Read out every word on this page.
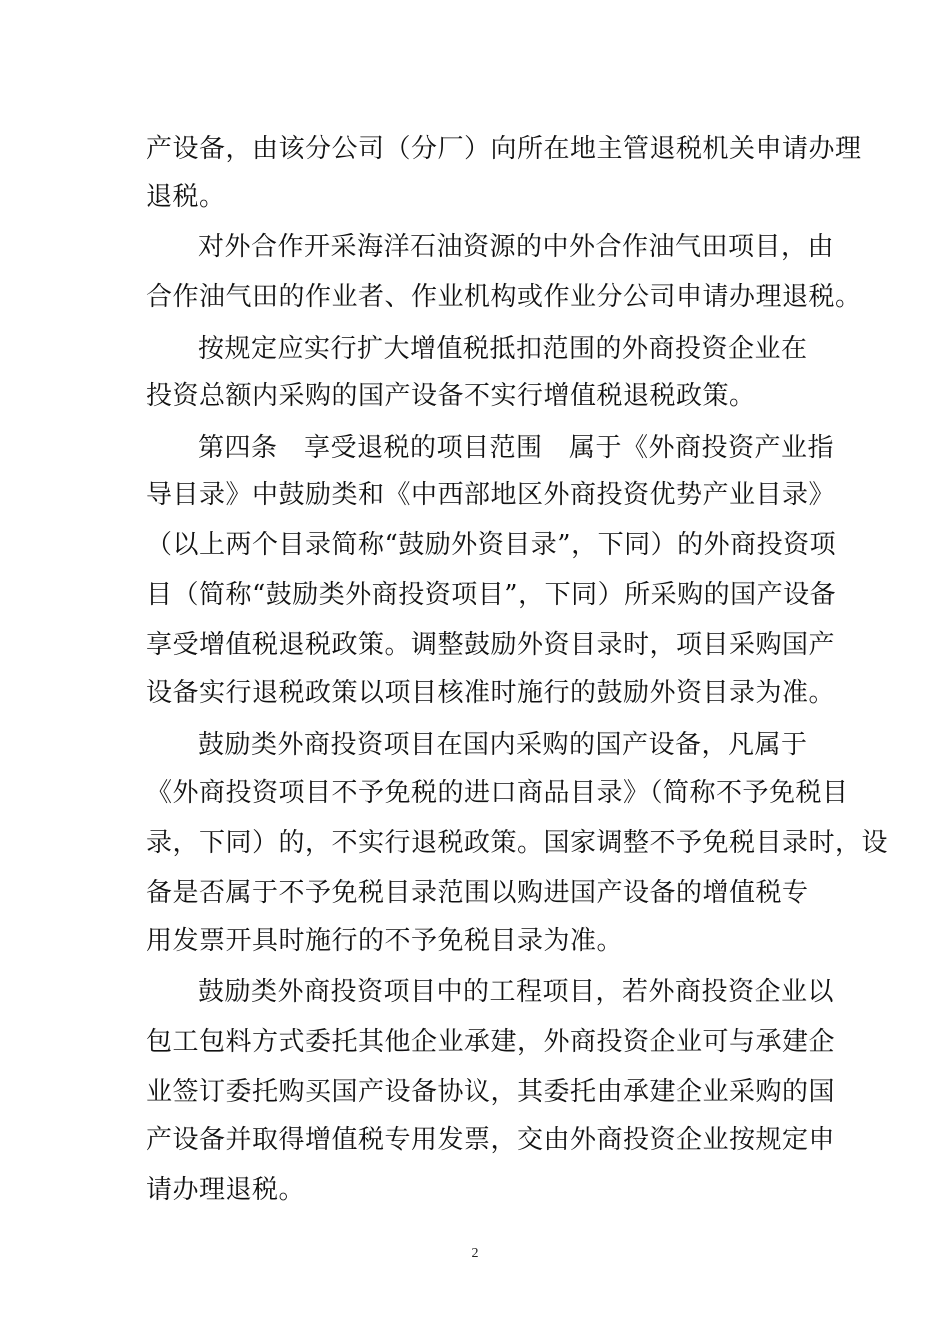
产设备，由该分公司（分厂）向所在地主管退税机关申请办理
退税。
对外合作开采海洋石油资源的中外合作油气田项目，由
合作油气田的作业者、作业机构或作业分公司申请办理退税。
按规定应实行扩大增值税抵扣范围的外商投资企业在
投资总额内采购的国产设备不实行增值税退税政策。
第四条　享受退税的项目范围　属于《外商投资产业指
导目录》中鼓励类和《中西部地区外商投资优势产业目录》
（以上两个目录简称“鼓励外资目录”，下同）的外商投资项
目（简称“鼓励类外商投资项目”，下同）所采购的国产设备
享受增值税退税政策。调整鼓励外资目录时，项目采购国产
设备实行退税政策以项目核准时施行的鼓励外资目录为准。
鼓励类外商投资项目在国内采购的国产设备，凡属于
《外商投资项目不予免税的进口商品目录》（简称不予免税目
录，下同）的，不实行退税政策。国家调整不予免税目录时，设
备是否属于不予免税目录范围以购进国产设备的增值税专
用发票开具时施行的不予免税目录为准。
鼓励类外商投资项目中的工程项目，若外商投资企业以
包工包料方式委托其他企业承建，外商投资企业可与承建企
业签订委托购买国产设备协议，其委托由承建企业采购的国
产设备并取得增值税专用发票，交由外商投资企业按规定申
请办理退税。
2
